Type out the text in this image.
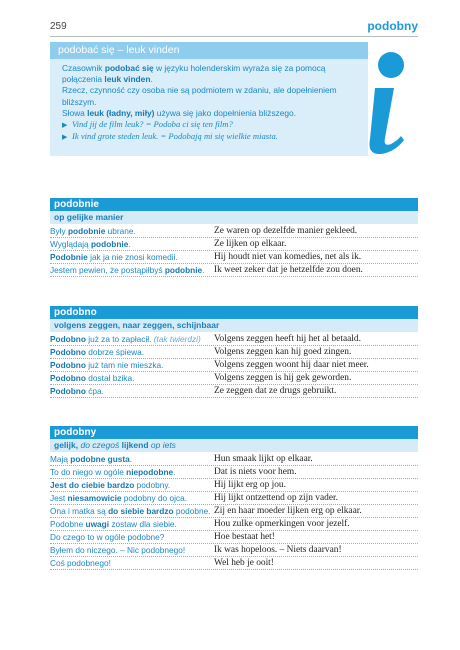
259	podobny
podobać się – leuk vinden
Czasownik podobać się w języku holenderskim wyraża się za pomocą połączenia leuk vinden.
Rzecz, czynność czy osoba nie są podmiotem w zdaniu, ale dopełnieniem bliższym.
Słowa leuk (ładny, miły) używa się jako dopełnienia bliższego.
▶ Vind jij de film leuk? = Podoba ci się ten film?
▶ Ik vind grote steden leuk. = Podobają mi się wielkie miasta.
podobnie
op gelijke manier
Były podobnie ubrane.	Ze waren op dezelfde manier gekleed.
Wyglądają podobnie.	Ze lijken op elkaar.
Podobnie jak ja nie znosi komedii.	Hij houdt niet van komedies, net als ik.
Jestem pewien, że postąpiłbyś podobnie.	Ik weet zeker dat je hetzelfde zou doen.
podobno
volgens zeggen, naar zeggen, schijnbaar
Podobno już za to zapłacił. (tak twierdzi)	Volgens zeggen heeft hij het al betaald.
Podobno dobrze śpiewa.	Volgens zeggen kan hij goed zingen.
Podobno już tam nie mieszka.	Volgens zeggen woont hij daar niet meer.
Podobno dostał bzika.	Volgens zeggen is hij gek geworden.
Podobno ćpa.	Ze zeggen dat ze drugs gebruikt.
podobny
gelijk, do czegoś lijkend op iets
Mają podobne gusta.	Hun smaak lijkt op elkaar.
To do niego w ogóle niepodobne.	Dat is niets voor hem.
Jest do ciebie bardzo podobny.	Hij lijkt erg op jou.
Jest niesamowicie podobny do ojca.	Hij lijkt ontzettend op zijn vader.
Ona i matka są do siebie bardzo podobne. Zij en haar moeder lijken erg op elkaar.
Podobne uwagi zostaw dla siebie.	Hou zulke opmerkingen voor jezelf.
Do czego to w ogóle podobne?	Hoe bestaat het!
Byłem do niczego. – Nic podobnego!	Ik was hopeloos. – Niets daarvan!
Coś podobnego!	Wel heb je ooit!
